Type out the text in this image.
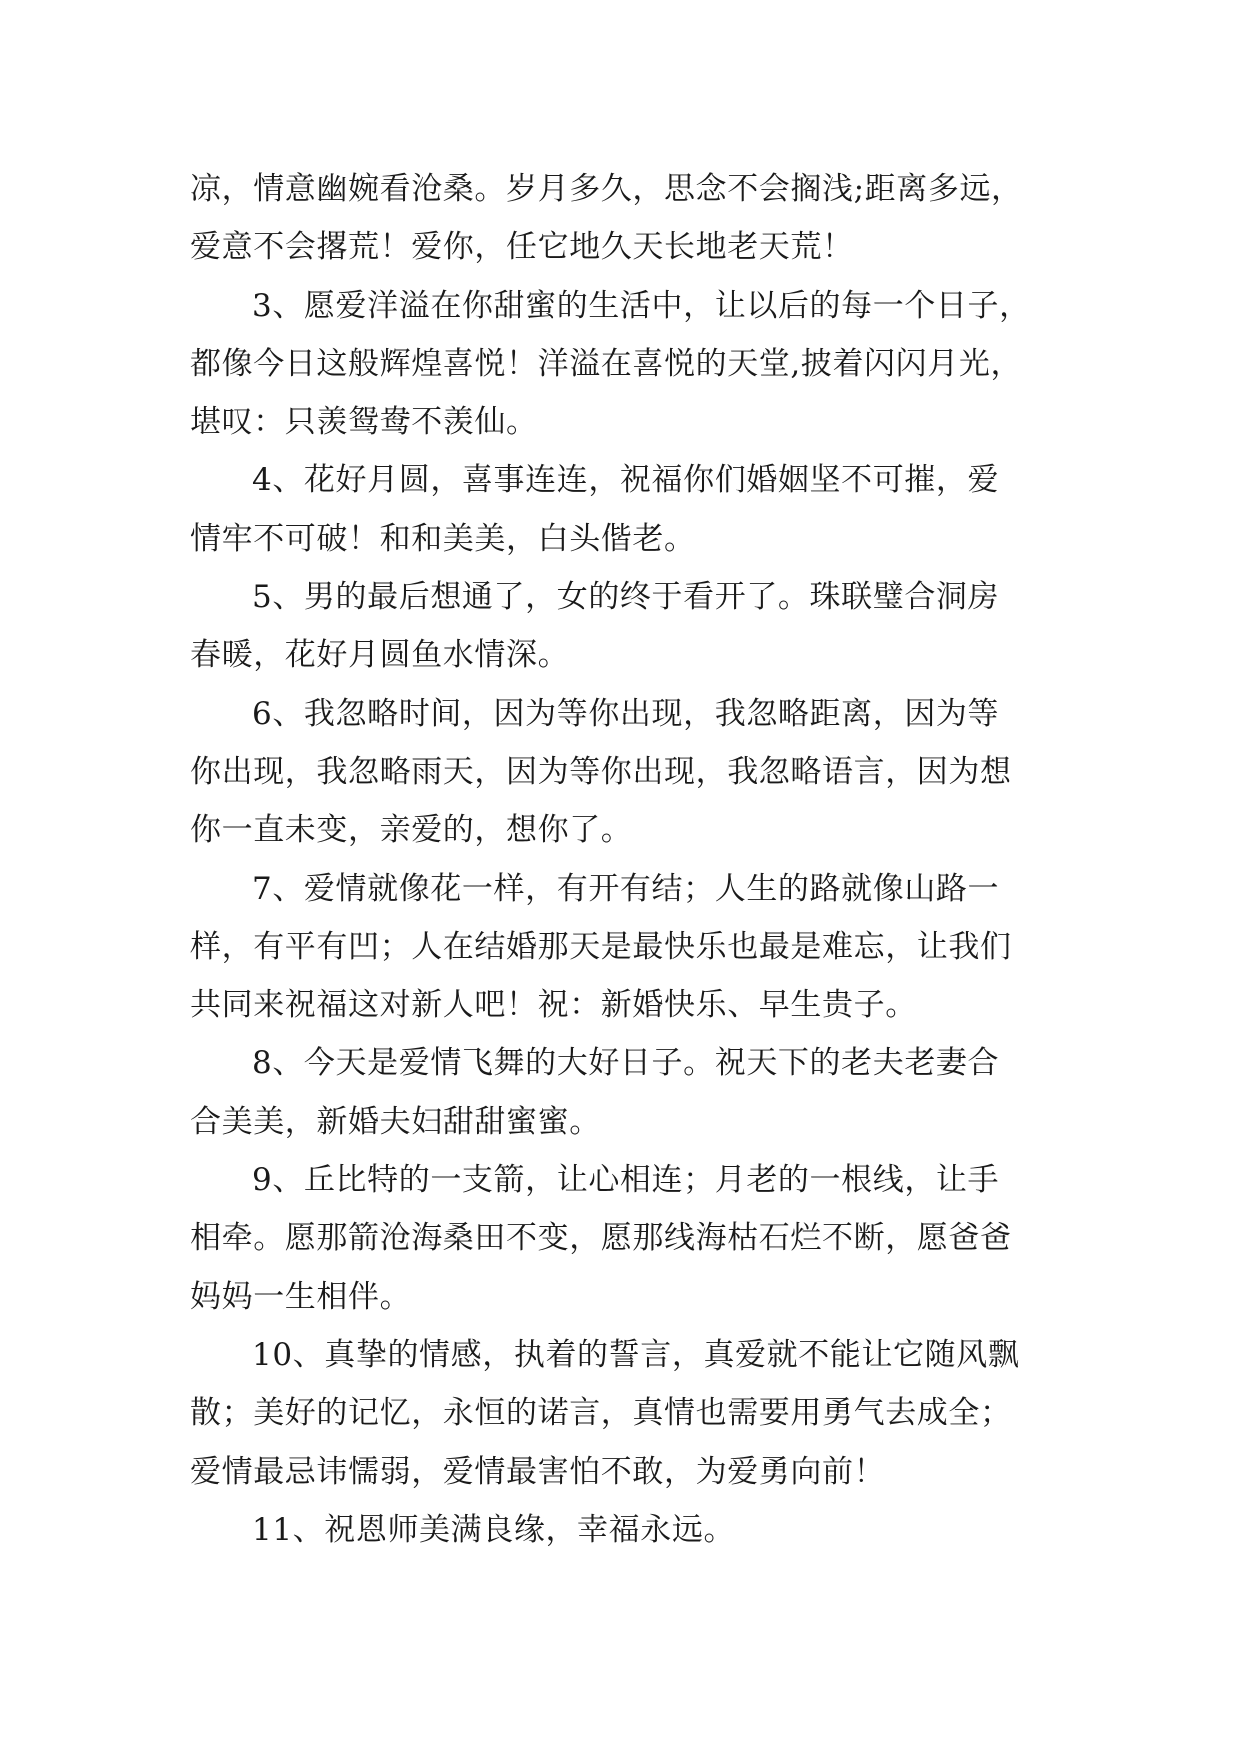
凉，情意幽婉看沧桑。岁月多久，思念不会搁浅;距离多远，
爱意不会撂荒！爱你，任它地久天长地老天荒！

3、愿爱洋溢在你甜蜜的生活中，让以后的每一个日子，
都像今日这般辉煌喜悦！洋溢在喜悦的天堂,披着闪闪月光，
堪叹：只羡鸳鸯不羡仙。

4、花好月圆，喜事连连，祝福你们婚姻坚不可摧，爱
情牢不可破！和和美美，白头偕老。

5、男的最后想通了，女的终于看开了。珠联璧合洞房
春暖，花好月圆鱼水情深。

6、我忽略时间，因为等你出现，我忽略距离，因为等
你出现，我忽略雨天，因为等你出现，我忽略语言，因为想
你一直未变，亲爱的，想你了。

7、爱情就像花一样，有开有结；人生的路就像山路一
样，有平有凹；人在结婚那天是最快乐也最是难忘，让我们
共同来祝福这对新人吧！祝：新婚快乐、早生贵子。

8、今天是爱情飞舞的大好日子。祝天下的老夫老妻合
合美美，新婚夫妇甜甜蜜蜜。

9、丘比特的一支箭，让心相连；月老的一根线，让手
相牵。愿那箭沧海桑田不变，愿那线海枯石烂不断，愿爸爸
妈妈一生相伴。

10、真挚的情感，执着的誓言，真爱就不能让它随风飘
散；美好的记忆，永恒的诺言，真情也需要用勇气去成全；
爱情最忌讳懦弱，爱情最害怕不敢，为爱勇向前！

11、祝恩师美满良缘，幸福永远。
